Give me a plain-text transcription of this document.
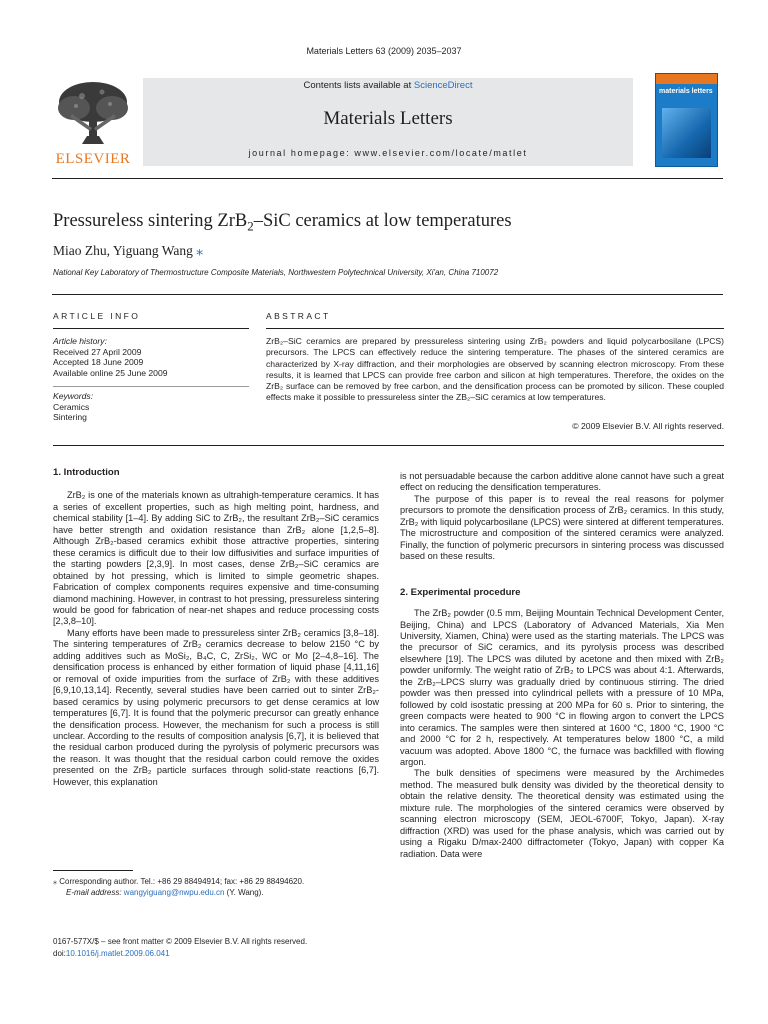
Materials Letters 63 (2009) 2035–2037
ELSEVIER
Contents lists available at ScienceDirect
Materials Letters
journal homepage: www.elsevier.com/locate/matlet
materials letters
Pressureless sintering ZrB$_2$–SiC ceramics at low temperatures
Miao Zhu, Yiguang Wang ⁎
National Key Laboratory of Thermostructure Composite Materials, Northwestern Polytechnical University, Xi'an, China 710072
ARTICLE INFO	ABSTRACT
Article history:
Received 27 April 2009
Accepted 18 June 2009
Available online 25 June 2009
Keywords:
Ceramics
Sintering
ZrB₂–SiC ceramics are prepared by pressureless sintering using ZrB₂ powders and liquid polycarbosilane (LPCS) precursors. The LPCS can effectively reduce the sintering temperature. The phases of the sintered ceramics are characterized by X-ray diffraction, and their morphologies are observed by scanning electron microscopy. From these results, it is learned that LPCS can provide free carbon and silicon at high temperatures. Therefore, the oxides on the ZrB₂ surface can be removed by free carbon, and the densification process can be promoted by silicon. These coupled effects make it possible to pressureless sinter the ZB₂–SiC ceramics at low temperatures.
© 2009 Elsevier B.V. All rights reserved.
1. Introduction

ZrB₂ is one of the materials known as ultrahigh-temperature ceramics. It has a series of excellent properties, such as high melting point, hardness, and chemical stability [1–4]. By adding SiC to ZrB₂, the resultant ZrB₂–SiC ceramics have better strength and oxidation resistance than ZrB₂ alone [1,2,5–8]. Although ZrB₂-based ceramics exhibit those attractive properties, sintering these ceramics is difficult due to their low diffusivities and surface impurities of the starting powders [2,3,9]. In most cases, dense ZrB₂–SiC ceramics are obtained by hot pressing, which is limited to simple geometric shapes. Fabrication of complex components requires expensive and time-consuming diamond machining. However, in contrast to hot pressing, pressureless sintering would be good for fabrication of near-net shapes and reduce processing costs [2,3,8–10].

Many efforts have been made to pressureless sinter ZrB₂ ceramics [3,8–18]. The sintering temperatures of ZrB₂ ceramics decrease to below 2150 °C by adding additives such as MoSi₂, B₄C, C, ZrSi₂, WC or Mo [2–4,8–16]. The densification process is enhanced by either formation of liquid phase [4,11,16] or removal of oxide impurities from the surface of ZrB₂ with these additives [6,9,10,13,14]. Recently, several studies have been carried out to sinter ZrB₂-based ceramics by using polymeric precursors to get dense ceramics at low temperatures [6,7]. It is found that the polymeric precursor can greatly enhance the densification process. However, the mechanism for such a process is still unclear. According to the results of composition analysis [6,7], it is believed that the residual carbon produced during the pyrolysis of polymeric precursors was the reason. It was thought that the residual carbon could remove the oxides presented on the ZrB₂ particle surfaces through solid-state reactions [6,7]. However, this explanation

is not persuadable because the carbon additive alone cannot have such a great effect on reducing the densification temperatures.

The purpose of this paper is to reveal the real reasons for polymer precursors to promote the densification process of ZrB₂ ceramics. In this study, ZrB₂ with liquid polycarbosilane (LPCS) were sintered at different temperatures. The microstructure and composition of the sintered ceramics were analyzed. Finally, the function of polymeric precursors in sintering process was discussed based on these results.

2. Experimental procedure

The ZrB₂ powder (0.5 mm, Beijing Mountain Technical Development Center, Beijing, China) and LPCS (Laboratory of Advanced Materials, Xia Men University, Xiamen, China) were used as the starting materials. The LPCS was the precursor of SiC ceramics, and its pyrolysis process was described elsewhere [19]. The LPCS was diluted by acetone and then mixed with ZrB₂ powder uniformly. The weight ratio of ZrB₂ to LPCS was about 4:1. Afterwards, the ZrB₂–LPCS slurry was gradually dried by continuous stirring. The dried powder was then pressed into cylindrical pellets with a pressure of 10 MPa, followed by cold isostatic pressing at 200 MPa for 60 s. Prior to sintering, the green compacts were heated to 900 °C in flowing argon to convert the LPCS into ceramics. The samples were then sintered at 1600 °C, 1800 °C, 1900 °C and 2000 °C for 2 h, respectively. At temperatures below 1800 °C, a mild vacuum was adopted. Above 1800 °C, the furnace was backfilled with flowing argon.

The bulk densities of specimens were measured by the Archimedes method. The measured bulk density was divided by the theoretical density to obtain the relative density. The theoretical density was estimated using the mixture rule. The morphologies of the sintered ceramics were observed by scanning electron microscopy (SEM, JEOL-6700F, Tokyo, Japan). X-ray diffraction (XRD) was used for the phase analysis, which was carried out by using a Rigaku D/max-2400 diffractometer (Tokyo, Japan) with copper Ka radiation. Data were

⁎ Corresponding author. Tel.: +86 29 88494914; fax: +86 29 88494620.
E-mail address: wangyiguang@nwpu.edu.cn (Y. Wang).
0167-577X/$ – see front matter © 2009 Elsevier B.V. All rights reserved.
doi:10.1016/j.matlet.2009.06.041
